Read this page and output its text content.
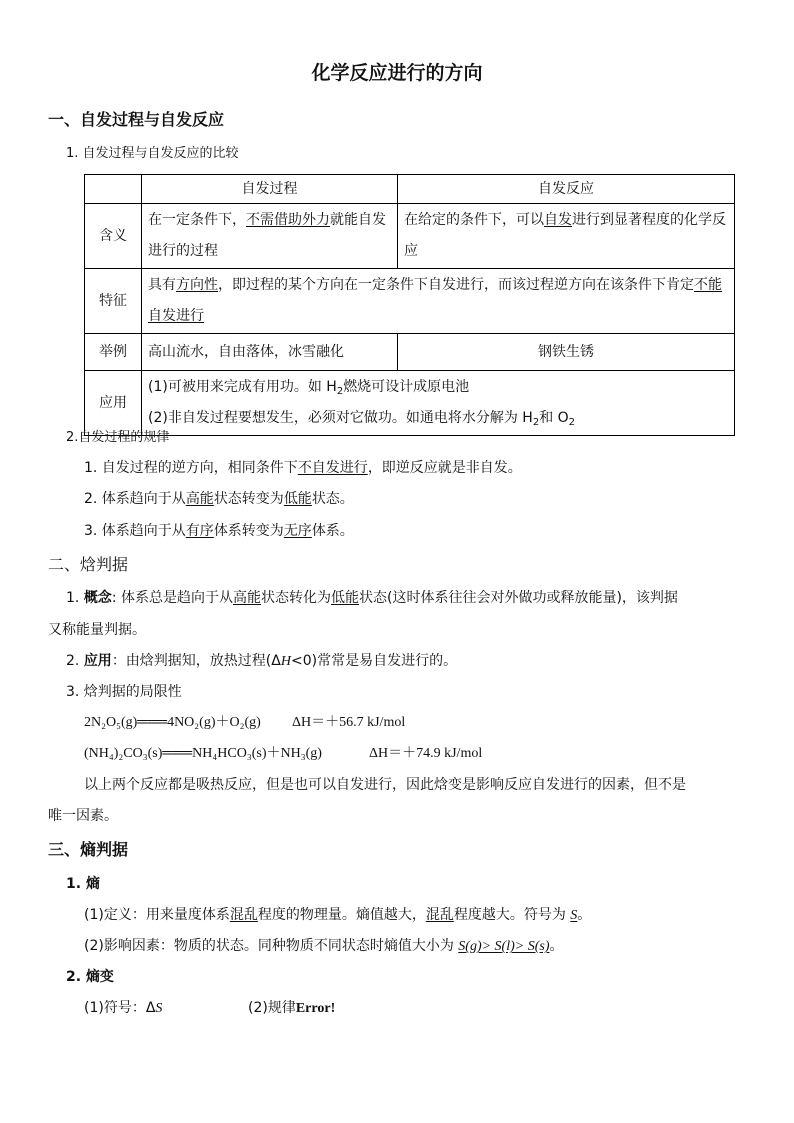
化学反应进行的方向
一、自发过程与自发反应
1. 自发过程与自发反应的比较
	自发过程	自发反应
含义	在一定条件下，不需借助外力就能自发进行的过程	在给定的条件下，可以自发进行到显著程度的化学反应
特征	具有方向性，即过程的某个方向在一定条件下自发进行，而该过程逆方向在该条件下肯定不能自发进行	
举例	高山流水，自由落体，冰雪融化	钢铁生锈
应用	(1)可被用来完成有用功。如 $H_2$燃烧可设计成原电池
(2)非自发过程要想发生，必须对它做功。如通电将水分解为 $H_2$和 $O_2$
2.自发过程的规律
1. 自发过程的逆方向，相同条件下不自发进行，即逆反应就是非自发。
2. 体系趋向于从高能状态转变为低能状态。
3. 体系趋向于从有序体系转变为无序体系。
二、焓判据
1. 概念: 体系总是趋向于从高能状态转化为低能状态(这时体系往往会对外做功或释放能量)，该判据
又称能量判据。
2. 应用：由焓判据知，放热过程(ΔH<0)常常是易自发进行的。
3. 焓判据的局限性
2N₂O₅(g)═══4NO₂(g)＋O₂(g) ΔH＝＋56.7 kJ/mol
(NH₄)₂CO₃(s)═══NH₄HCO₃(s)＋NH₃(g)	ΔH＝＋74.9 kJ/mol
以上两个反应都是吸热反应，但是也可以自发进行，因此焓变是影响反应自发进行的因素，但不是
唯一因素。
三、熵判据
1. 熵
(1)定义：用来量度体系混乱程度的物理量。熵值越大，混乱程度越大。符号为 S。
(2)影响因素：物质的状态。同种物质不同状态时熵值大小为 S(g)> S(l)> S(s)。
2. 熵变
(1)符号：ΔS	(2)规律Error!
